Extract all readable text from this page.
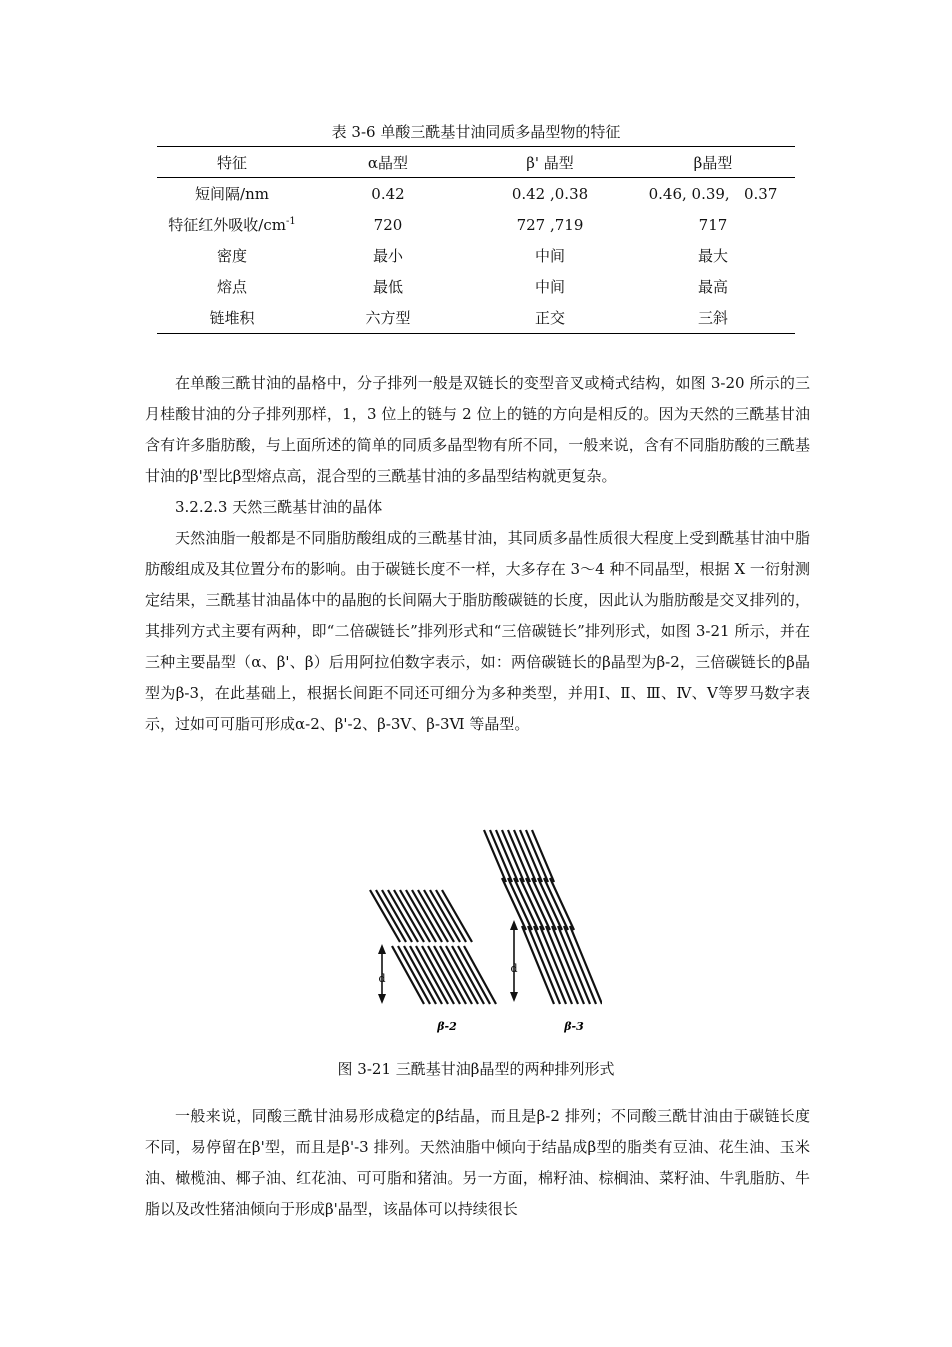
表 3-6 单酸三酰基甘油同质多晶型物的特征
特征	α晶型	β' 晶型	β晶型
短间隔/nm	0.42	0.42 ,0.38	0.46, 0.39,   0.37
特征红外吸收$/cm^{-1}$	720	727 ,719	717
密度	最小	中间	最大
熔点	最低	中间	最高
链堆积	六方型	正交	三斜

在单酸三酰甘油的晶格中，分子排列一般是双链长的变型音叉或椅式结构，如图 3-20 所示的三月桂酸甘油的分子排列那样，1，3 位上的链与 2 位上的链的方向是相反的。因为天然的三酰基甘油含有许多脂肪酸，与上面所述的简单的同质多晶型物有所不同，一般来说，含有不同脂肪酸的三酰基甘油的β'型比β型熔点高，混合型的三酰基甘油的多晶型结构就更复杂。

3.2.2.3 天然三酰基甘油的晶体

天然油脂一般都是不同脂肪酸组成的三酰基甘油，其同质多晶性质很大程度上受到酰基甘油中脂肪酸组成及其位置分布的影响。由于碳链长度不一样，大多存在 3～4 种不同晶型，根据 X 一衍射测定结果，三酰基甘油晶体中的晶胞的长间隔大于脂肪酸碳链的长度，因此认为脂肪酸是交叉排列的，其排列方式主要有两种，即“二倍碳链长”排列形式和“三倍碳链长”排列形式，如图 3-21 所示，并在三种主要晶型（α、β'、β）后用阿拉伯数字表示，如：两倍碳链长的β晶型为β-2，三倍碳链长的β晶型为β-3，在此基础上，根据长间距不同还可细分为多种类型，并用Ⅰ、Ⅱ、Ⅲ、Ⅳ、Ⅴ等罗马数字表示，过如可可脂可形成α-2、β'-2、β-3Ⅴ、β-3Ⅵ 等晶型。

d
d
β-2	β-3
图 3-21 三酰基甘油β晶型的两种排列形式

一般来说，同酸三酰甘油易形成稳定的β结晶，而且是β-2 排列；不同酸三酰甘油由于碳链长度不同，易停留在β'型，而且是β'-3 排列。天然油脂中倾向于结晶成β型的脂类有豆油、花生油、玉米油、橄榄油、椰子油、红花油、可可脂和猪油。另一方面，棉籽油、棕榈油、菜籽油、牛乳脂肪、牛脂以及改性猪油倾向于形成β'晶型，该晶体可以持续很长
